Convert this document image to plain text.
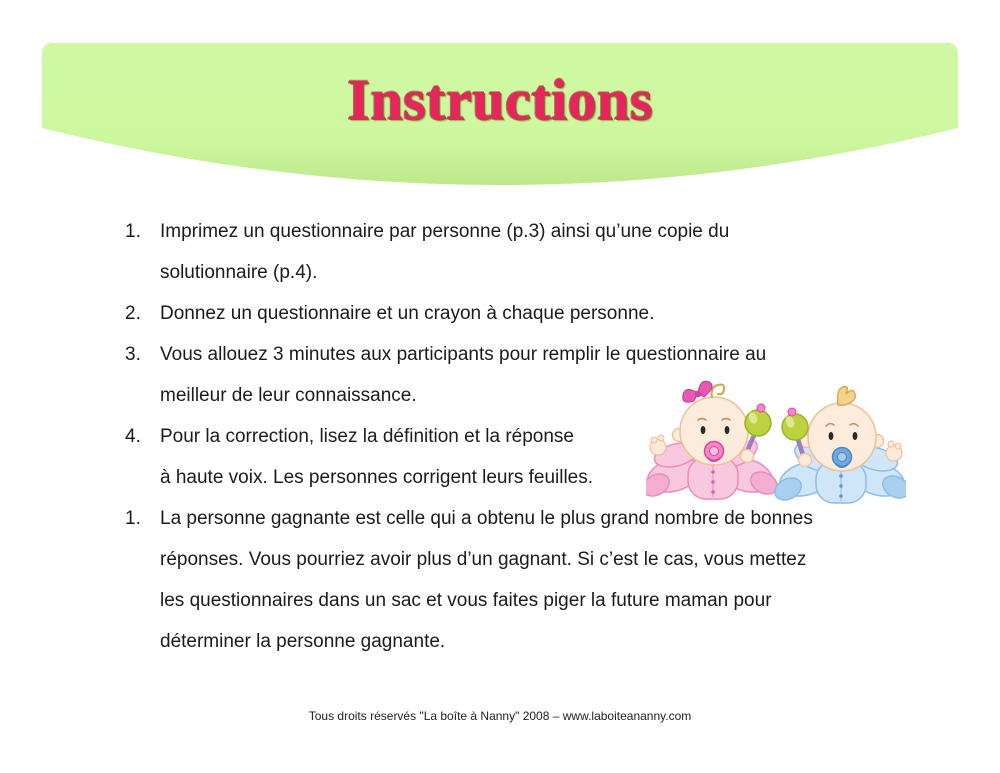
Instructions
1.	Imprimez un questionnaire par personne (p.3) ainsi qu’une copie du
solutionnaire (p.4).
2.	Donnez un questionnaire et un crayon à chaque personne.
3.	Vous allouez 3 minutes aux participants pour remplir le questionnaire au
meilleur de leur connaissance.
4.	Pour la correction, lisez la définition et la réponse
à haute voix. Les personnes corrigent leurs feuilles.
1.	La personne gagnante est celle qui a obtenu le plus grand nombre de bonnes
réponses. Vous pourriez avoir plus d’un gagnant. Si c’est le cas, vous mettez
les questionnaires dans un sac et vous faites piger la future maman pour
déterminer la personne gagnante.
Tous droits réservés "La boîte à Nanny" 2008 – www.laboiteananny.com
